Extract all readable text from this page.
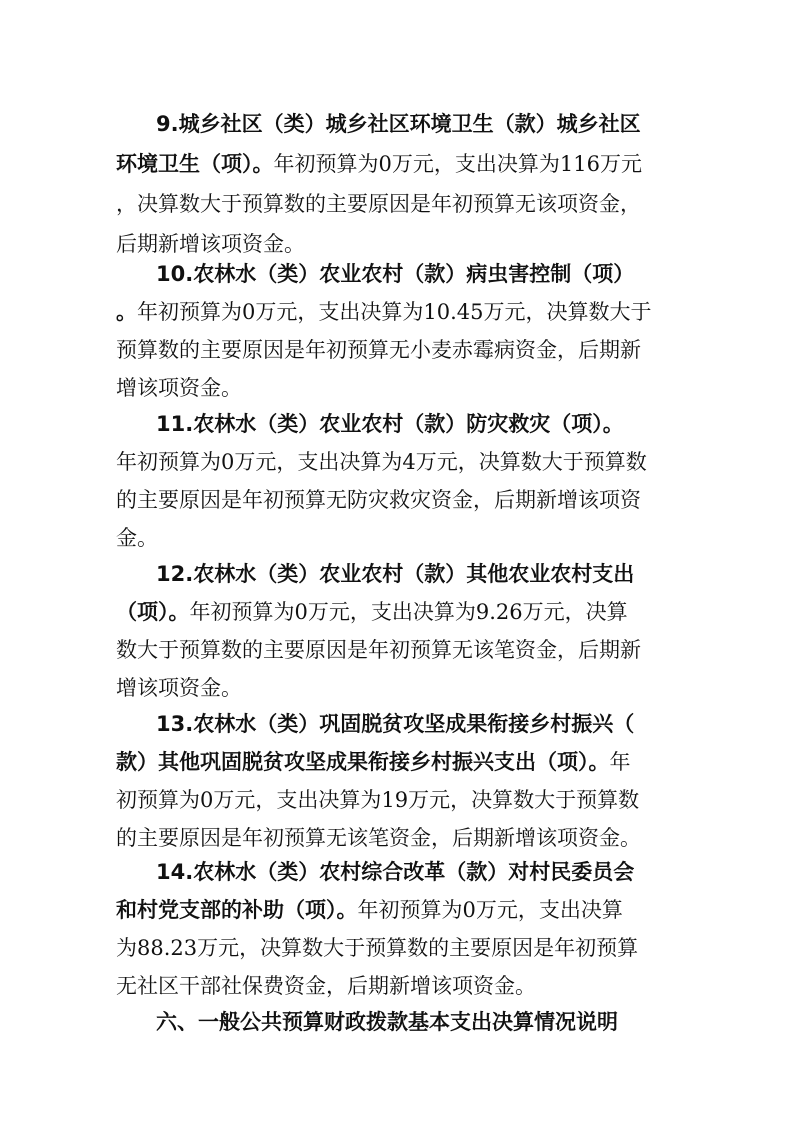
9.城乡社区（类）城乡社区环境卫生（款）城乡社区
环境卫生（项）。年初预算为0万元，支出决算为116万元
，决算数大于预算数的主要原因是年初预算无该项资金，
后期新增该项资金。
10.农林水（类）农业农村（款）病虫害控制（项）
。年初预算为0万元，支出决算为10.45万元，决算数大于
预算数的主要原因是年初预算无小麦赤霉病资金，后期新
增该项资金。
11.农林水（类）农业农村（款）防灾救灾（项）。
年初预算为0万元，支出决算为4万元，决算数大于预算数
的主要原因是年初预算无防灾救灾资金，后期新增该项资
金。
12.农林水（类）农业农村（款）其他农业农村支出
（项）。年初预算为0万元，支出决算为9.26万元，决算
数大于预算数的主要原因是年初预算无该笔资金，后期新
增该项资金。
13.农林水（类）巩固脱贫攻坚成果衔接乡村振兴（
款）其他巩固脱贫攻坚成果衔接乡村振兴支出（项）。年
初预算为0万元，支出决算为19万元，决算数大于预算数
的主要原因是年初预算无该笔资金，后期新增该项资金。
14.农林水（类）农村综合改革（款）对村民委员会
和村党支部的补助（项）。年初预算为0万元，支出决算
为88.23万元，决算数大于预算数的主要原因是年初预算
无社区干部社保费资金，后期新增该项资金。
六、一般公共预算财政拨款基本支出决算情况说明
